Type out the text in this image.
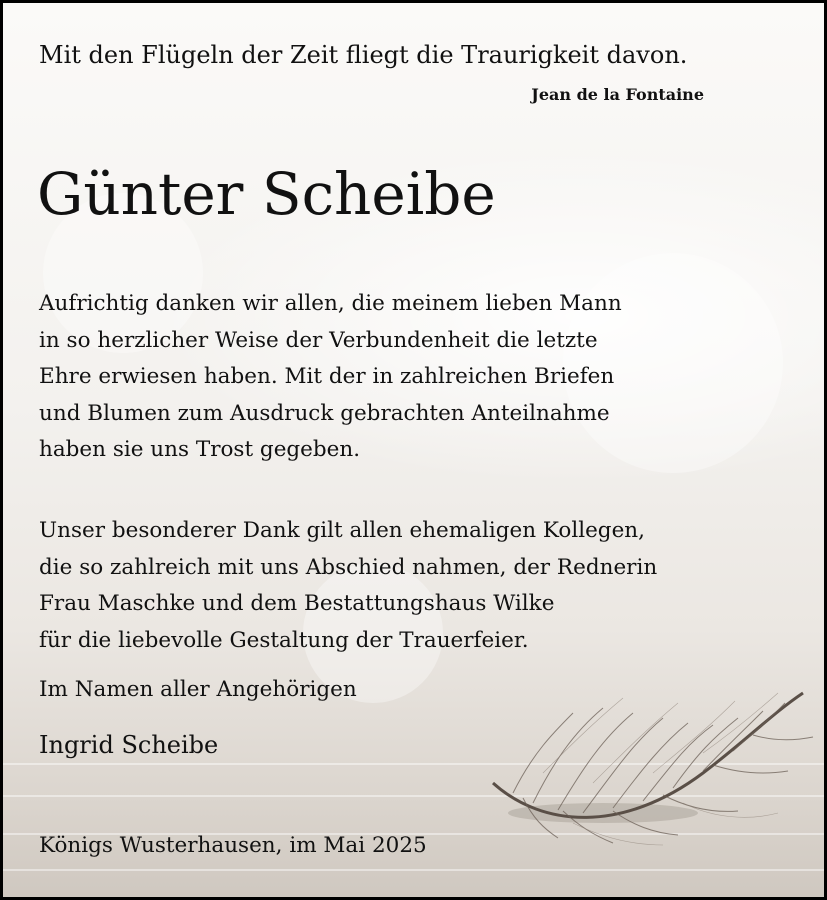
Mit den Flügeln der Zeit fliegt die Traurigkeit davon.
Jean de la Fontaine
Günter Scheibe

Aufrichtig danken wir allen, die meinem lieben Mann
in so herzlicher Weise der Verbundenheit die letzte
Ehre erwiesen haben. Mit der in zahlreichen Briefen
und Blumen zum Ausdruck gebrachten Anteilnahme
haben sie uns Trost gegeben.

Unser besonderer Dank gilt allen ehemaligen Kollegen,
die so zahlreich mit uns Abschied nahmen, der Rednerin
Frau Maschke und dem Bestattungshaus Wilke
für die liebevolle Gestaltung der Trauerfeier.

Im Namen aller Angehörigen
Ingrid Scheibe
Königs Wusterhausen, im Mai 2025
